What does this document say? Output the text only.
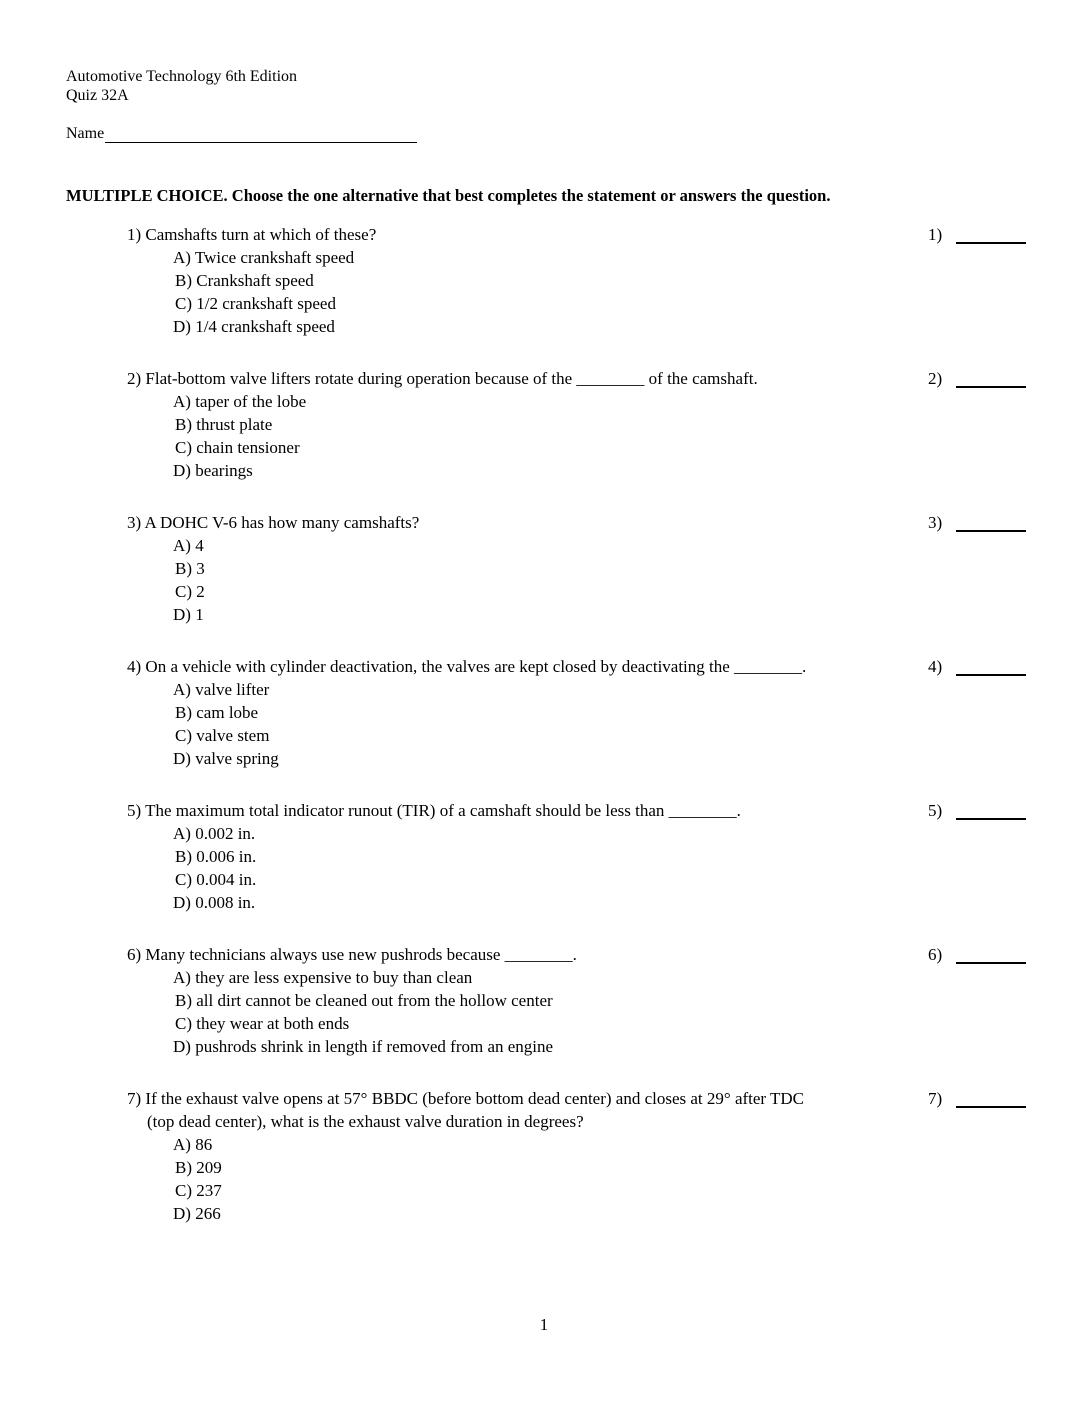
Automotive Technology 6th Edition
Quiz 32A
Name
MULTIPLE CHOICE. Choose the one alternative that best completes the statement or answers the question.
1) Camshafts turn at which of these?
A) Twice crankshaft speed
B) Crankshaft speed
C) 1/2 crankshaft speed
D) 1/4 crankshaft speed
1)
2) Flat-bottom valve lifters rotate during operation because of the ________ of the camshaft.
A) taper of the lobe
B) thrust plate
C) chain tensioner
D) bearings
2)
3) A DOHC V-6 has how many camshafts?
A) 4
B) 3
C) 2
D) 1
3)
4) On a vehicle with cylinder deactivation, the valves are kept closed by deactivating the ________.
A) valve lifter
B) cam lobe
C) valve stem
D) valve spring
4)
5) The maximum total indicator runout (TIR) of a camshaft should be less than ________.
A) 0.002 in.
B) 0.006 in.
C) 0.004 in.
D) 0.008 in.
5)
6) Many technicians always use new pushrods because ________.
A) they are less expensive to buy than clean
B) all dirt cannot be cleaned out from the hollow center
C) they wear at both ends
D) pushrods shrink in length if removed from an engine
6)
7) If the exhaust valve opens at 57° BBDC (before bottom dead center) and closes at 29° after TDC
(top dead center), what is the exhaust valve duration in degrees?
A) 86
B) 209
C) 237
D) 266
7)
1
